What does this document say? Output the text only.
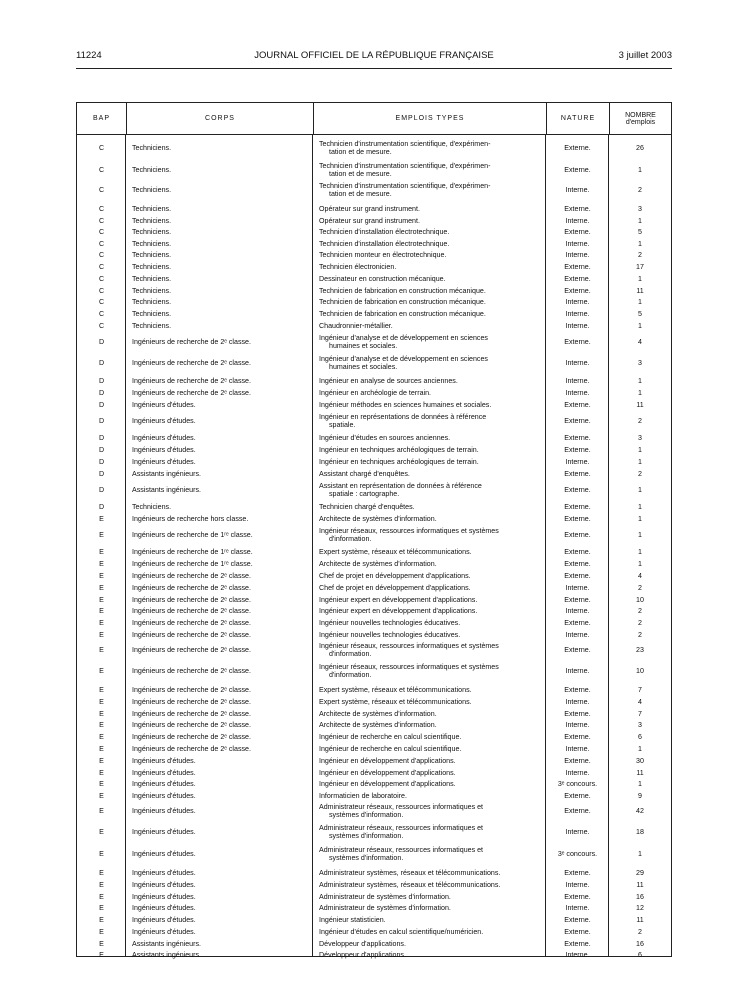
11224	JOURNAL OFFICIEL DE LA RÉPUBLIQUE FRANÇAISE	3 juillet 2003
BAP	CORPS	EMPLOIS TYPES	NATURE	NOMBRE
d'emplois
C	Techniciens.	Technicien d'instrumentation scientifique, d'expérimen-
tation et de mesure.	Externe.	26
C	Techniciens.	Technicien d'instrumentation scientifique, d'expérimen-
tation et de mesure.	Externe.	1
C	Techniciens.	Technicien d'instrumentation scientifique, d'expérimen-
tation et de mesure.	Interne.	2
C	Techniciens.	Opérateur sur grand instrument.	Externe.	3
C	Techniciens.	Opérateur sur grand instrument.	Interne.	1
C	Techniciens.	Technicien d'installation électrotechnique.	Externe.	5
C	Techniciens.	Technicien d'installation électrotechnique.	Interne.	1
C	Techniciens.	Technicien monteur en électrotechnique.	Interne.	2
C	Techniciens.	Technicien électronicien.	Externe.	17
C	Techniciens.	Dessinateur en construction mécanique.	Externe.	1
C	Techniciens.	Technicien de fabrication en construction mécanique.	Externe.	11
C	Techniciens.	Technicien de fabrication en construction mécanique.	Interne.	1
C	Techniciens.	Technicien de fabrication en construction mécanique.	Interne.	5
C	Techniciens.	Chaudronnier-métallier.	Interne.	1
D	Ingénieurs de recherche de 2ᵉ classe.	Ingénieur d'analyse et de développement en sciences
humaines et sociales.	Externe.	4
D	Ingénieurs de recherche de 2ᵉ classe.	Ingénieur d'analyse et de développement en sciences
humaines et sociales.	Interne.	3
D	Ingénieurs de recherche de 2ᵉ classe.	Ingénieur en analyse de sources anciennes.	Interne.	1
D	Ingénieurs de recherche de 2ᵉ classe.	Ingénieur en archéologie de terrain.	Interne.	1
D	Ingénieurs d'études.	Ingénieur méthodes en sciences humaines et sociales.	Externe.	11
D	Ingénieurs d'études.	Ingénieur en représentations de données à référence
spatiale.	Externe.	2
D	Ingénieurs d'études.	Ingénieur d'études en sources anciennes.	Externe.	3
D	Ingénieurs d'études.	Ingénieur en techniques archéologiques de terrain.	Externe.	1
D	Ingénieurs d'études.	Ingénieur en techniques archéologiques de terrain.	Interne.	1
D	Assistants ingénieurs.	Assistant chargé d'enquêtes.	Externe.	2
D	Assistants ingénieurs.	Assistant en représentation de données à référence
spatiale : cartographe.	Externe.	1
D	Techniciens.	Technicien chargé d'enquêtes.	Externe.	1
E	Ingénieurs de recherche hors classe.	Architecte de systèmes d'information.	Externe.	1
E	Ingénieurs de recherche de 1ʳᵉ classe.	Ingénieur réseaux, ressources informatiques et systèmes
d'information.	Externe.	1
E	Ingénieurs de recherche de 1ʳᵉ classe.	Expert système, réseaux et télécommunications.	Externe.	1
E	Ingénieurs de recherche de 1ʳᵉ classe.	Architecte de systèmes d'information.	Externe.	1
E	Ingénieurs de recherche de 2ᵉ classe.	Chef de projet en développement d'applications.	Externe.	4
E	Ingénieurs de recherche de 2ᵉ classe.	Chef de projet en développement d'applications.	Interne.	2
E	Ingénieurs de recherche de 2ᵉ classe.	Ingénieur expert en développement d'applications.	Externe.	10
E	Ingénieurs de recherche de 2ᵉ classe.	Ingénieur expert en développement d'applications.	Interne.	2
E	Ingénieurs de recherche de 2ᵉ classe.	Ingénieur nouvelles technologies éducatives.	Externe.	2
E	Ingénieurs de recherche de 2ᵉ classe.	Ingénieur nouvelles technologies éducatives.	Interne.	2
E	Ingénieurs de recherche de 2ᵉ classe.	Ingénieur réseaux, ressources informatiques et systèmes
d'information.	Externe.	23
E	Ingénieurs de recherche de 2ᵉ classe.	Ingénieur réseaux, ressources informatiques et systèmes
d'information.	Interne.	10
E	Ingénieurs de recherche de 2ᵉ classe.	Expert système, réseaux et télécommunications.	Externe.	7
E	Ingénieurs de recherche de 2ᵉ classe.	Expert système, réseaux et télécommunications.	Interne.	4
E	Ingénieurs de recherche de 2ᵉ classe.	Architecte de systèmes d'information.	Externe.	7
E	Ingénieurs de recherche de 2ᵉ classe.	Architecte de systèmes d'information.	Interne.	3
E	Ingénieurs de recherche de 2ᵉ classe.	Ingénieur de recherche en calcul scientifique.	Externe.	6
E	Ingénieurs de recherche de 2ᵉ classe.	Ingénieur de recherche en calcul scientifique.	Interne.	1
E	Ingénieurs d'études.	Ingénieur en développement d'applications.	Externe.	30
E	Ingénieurs d'études.	Ingénieur en développement d'applications.	Interne.	11
E	Ingénieurs d'études.	Ingénieur en développement d'applications.	3ᵉ concours.	1
E	Ingénieurs d'études.	Informaticien de laboratoire.	Externe.	9
E	Ingénieurs d'études.	Administrateur réseaux, ressources informatiques et
systèmes d'information.	Externe.	42
E	Ingénieurs d'études.	Administrateur réseaux, ressources informatiques et
systèmes d'information.	Interne.	18
E	Ingénieurs d'études.	Administrateur réseaux, ressources informatiques et
systèmes d'information.	3ᵉ concours.	1
E	Ingénieurs d'études.	Administrateur systèmes, réseaux et télécommunications.	Externe.	29
E	Ingénieurs d'études.	Administrateur systèmes, réseaux et télécommunications.	Interne.	11
E	Ingénieurs d'études.	Administrateur de systèmes d'information.	Externe.	16
E	Ingénieurs d'études.	Administrateur de systèmes d'information.	Interne.	12
E	Ingénieurs d'études.	Ingénieur statisticien.	Externe.	11
E	Ingénieurs d'études.	Ingénieur d'études en calcul scientifique/numéricien.	Externe.	2
E	Assistants ingénieurs.	Développeur d'applications.	Externe.	16
E	Assistants ingénieurs.	Développeur d'applications.	Interne.	6
